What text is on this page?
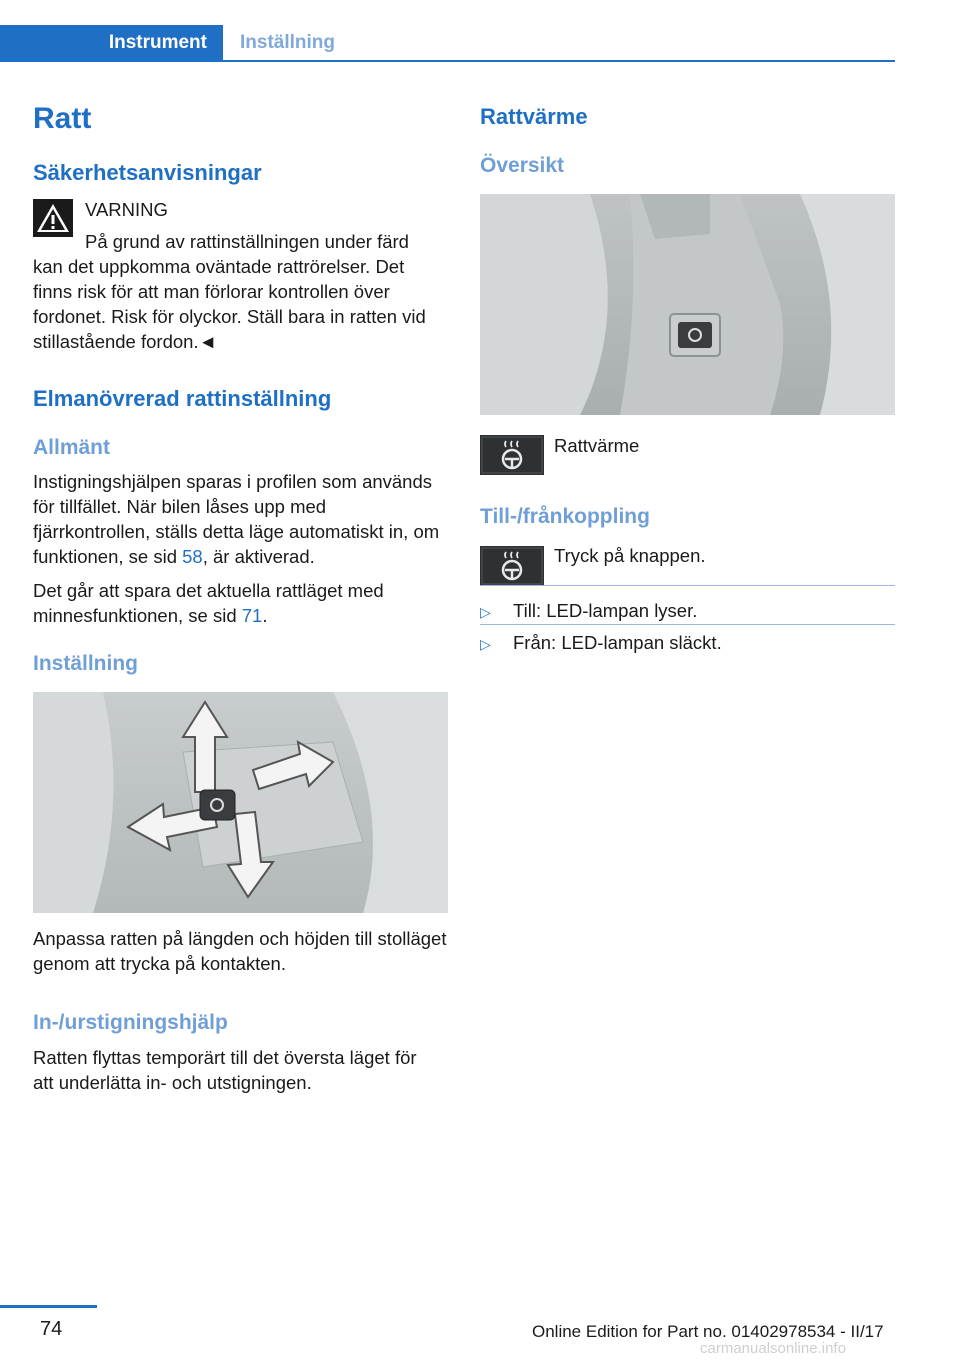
Instrument	Inställning
Ratt
Säkerhetsanvisningar
VARNING
På grund av rattinställningen under färd
kan det uppkomma oväntade rattrörelser. Det finns risk för att man förlorar kontrollen över fordonet. Risk för olyckor. Ställ bara in ratten vid stillastående fordon.◄
Elmanövrerad rattinställning
Allmänt
Instigningshjälpen sparas i profilen som används för tillfället. När bilen låses upp med fjärrkontrollen, ställs detta läge automatiskt in, om funktionen, se sid 58, är aktiverad.
Det går att spara det aktuella rattläget med minnesfunktionen, se sid 71.
Inställning
Anpassa ratten på längden och höjden till stolläget genom att trycka på kontakten.
In-/urstigningshjälp
Ratten flyttas temporärt till det översta läget för att underlätta in- och utstigningen.
Rattvärme
Översikt
Rattvärme
Till-/frånkoppling
Tryck på knappen.
▷ Till: LED-lampan lyser.
▷ Från: LED-lampan släckt.
74	Online Edition for Part no. 01402978534 - II/17
carmanualsonline.info
